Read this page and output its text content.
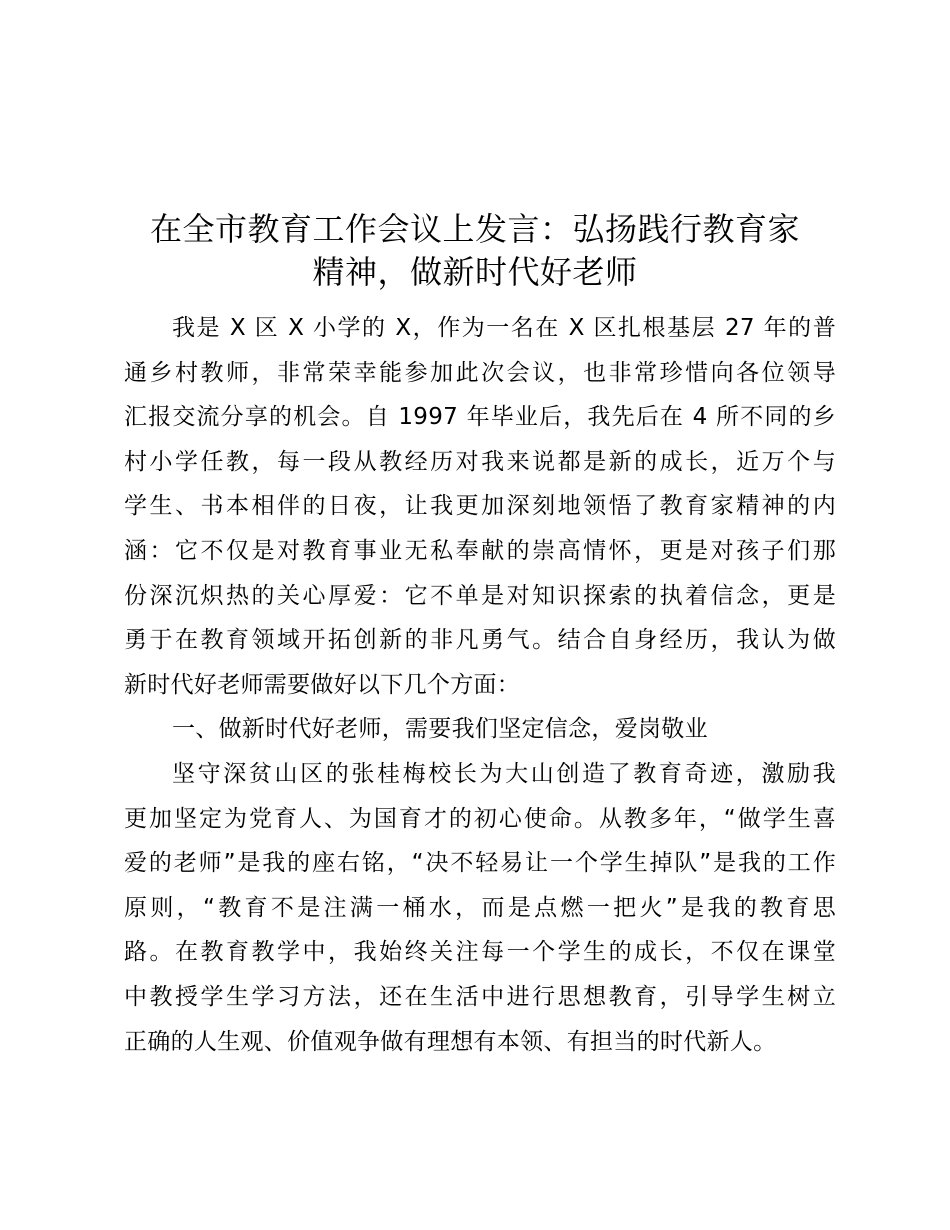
在全市教育工作会议上发言：弘扬践行教育家
精神，做新时代好老师
我是 X 区 X 小学的 X，作为一名在 X 区扎根基层 27 年的普
通乡村教师，非常荣幸能参加此次会议，也非常珍惜向各位领导
汇报交流分享的机会。自 1997 年毕业后，我先后在 4 所不同的乡
村小学任教，每一段从教经历对我来说都是新的成长，近万个与
学生、书本相伴的日夜，让我更加深刻地领悟了教育家精神的内
涵：它不仅是对教育事业无私奉献的崇高情怀，更是对孩子们那
份深沉炽热的关心厚爱：它不单是对知识探索的执着信念，更是
勇于在教育领域开拓创新的非凡勇气。结合自身经历，我认为做
新时代好老师需要做好以下几个方面：
一、做新时代好老师，需要我们坚定信念，爱岗敬业
坚守深贫山区的张桂梅校长为大山创造了教育奇迹，激励我
更加坚定为党育人、为国育才的初心使命。从教多年，“做学生喜
爱的老师”是我的座右铭，“决不轻易让一个学生掉队”是我的工作
原则，“教育不是注满一桶水，而是点燃一把火”是我的教育思
路。在教育教学中，我始终关注每一个学生的成长，不仅在课堂
中教授学生学习方法，还在生活中进行思想教育，引导学生树立
正确的人生观、价值观争做有理想有本领、有担当的时代新人。
